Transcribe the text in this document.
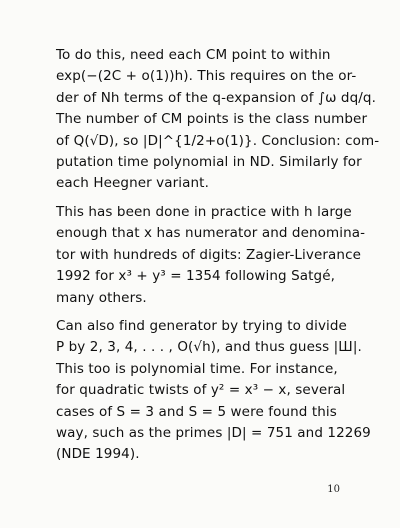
To do this, need each CM point to within
exp(−(2C + o(1))h). This requires on the or-
der of Nh terms of the q-expansion of ∫ω dq/q.
The number of CM points is the class number
of Q(√D), so |D|^{1/2+o(1)}. Conclusion: com-
putation time polynomial in ND. Similarly for
each Heegner variant.

This has been done in practice with h large
enough that x has numerator and denomina-
tor with hundreds of digits: Zagier-Liverance
1992 for x³ + y³ = 1354 following Satgé,
many others.

Can also find generator by trying to divide
P by 2, 3, 4, . . . , O(√h), and thus guess |Ш|.
This too is polynomial time. For instance,
for quadratic twists of y² = x³ − x, several
cases of S = 3 and S = 5 were found this
way, such as the primes |D| = 751 and 12269
(NDE 1994).

10
